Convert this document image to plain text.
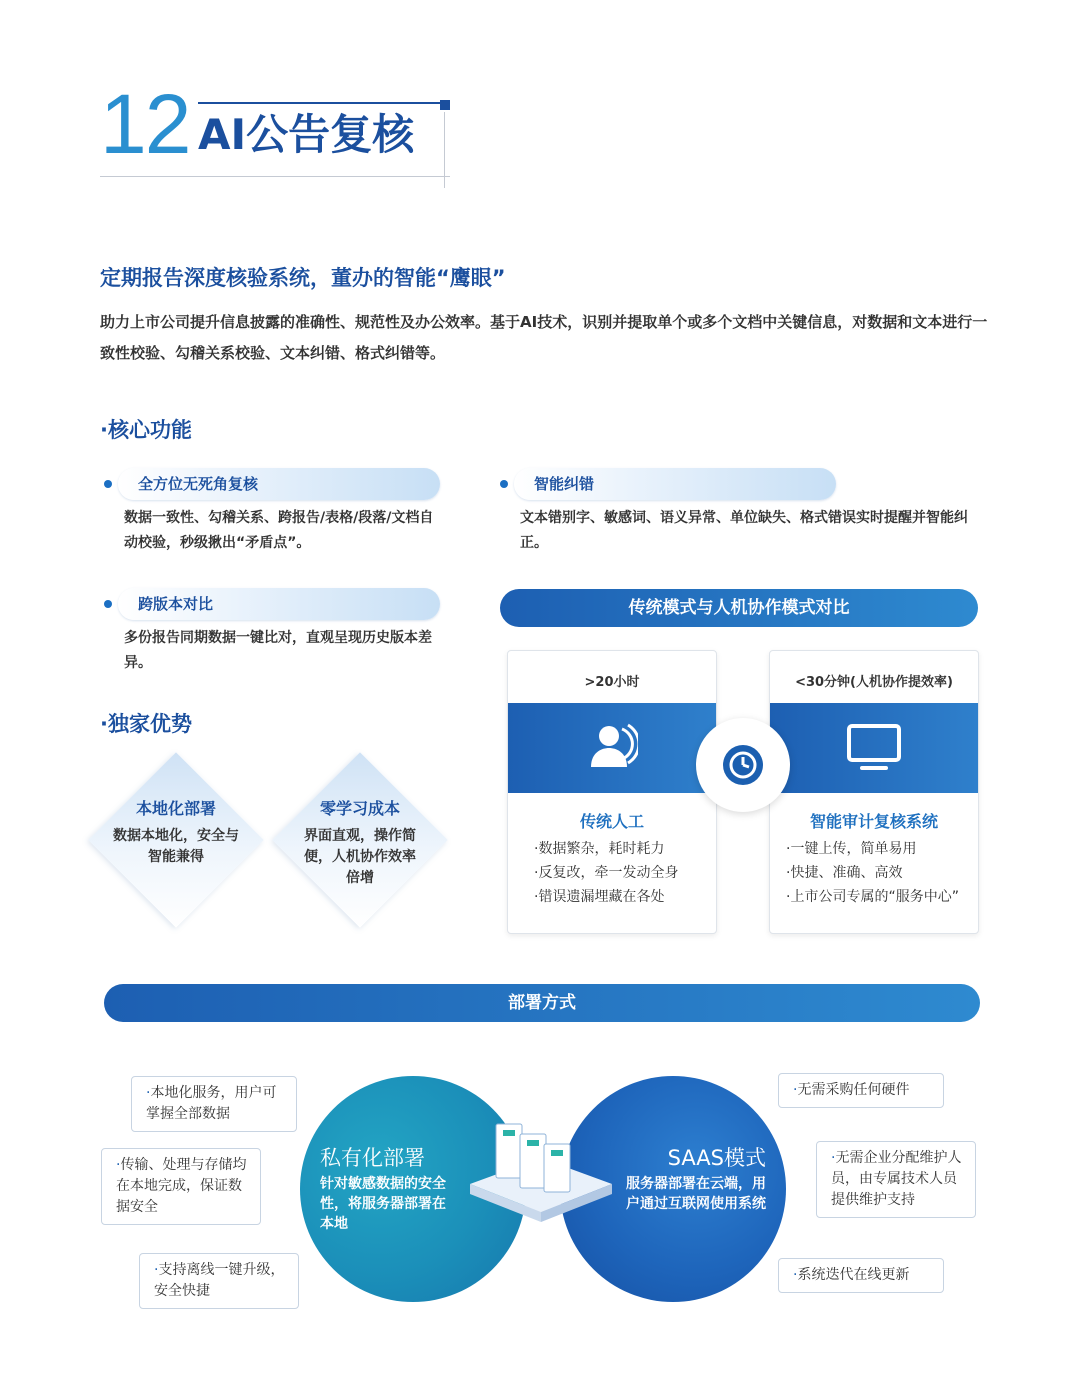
12 AI公告复核
定期报告深度核验系统，董办的智能“鹰眼”
助力上市公司提升信息披露的准确性、规范性及办公效率。基于AI技术，识别并提取单个或多个文档中关键信息，对数据和文本进行一致性校验、勾稽关系校验、文本纠错、格式纠错等。
·核心功能
全方位无死角复核
数据一致性、勾稽关系、跨报告/表格/段落/文档自动校验，秒级揪出“矛盾点”。
智能纠错
文本错别字、敏感词、语义异常、单位缺失、格式错误实时提醒并智能纠正。
跨版本对比
多份报告同期数据一键比对，直观呈现历史版本差异。
·独家优势
本地化部署
数据本地化，安全与智能兼得
零学习成本
界面直观，操作简便，人机协作效率倍增
传统模式与人机协作模式对比
>20小时
传统人工
·数据繁杂，耗时耗力
·反复改，牵一发动全身
·错误遗漏埋藏在各处
<30分钟(人机协作提效率)
智能审计复核系统
·一键上传，简单易用
·快捷、准确、高效
·上市公司专属的“服务中心”
部署方式
私有化部署
针对敏感数据的安全性，将服务器部署在本地
SAAS模式
服务器部署在云端，用户通过互联网使用系统
·本地化服务，用户可掌握全部数据
·传输、处理与存储均在本地完成，保证数据安全
·支持离线一键升级，安全快捷
·无需采购任何硬件
·无需企业分配维护人员，由专属技术人员提供维护支持
·系统迭代在线更新
